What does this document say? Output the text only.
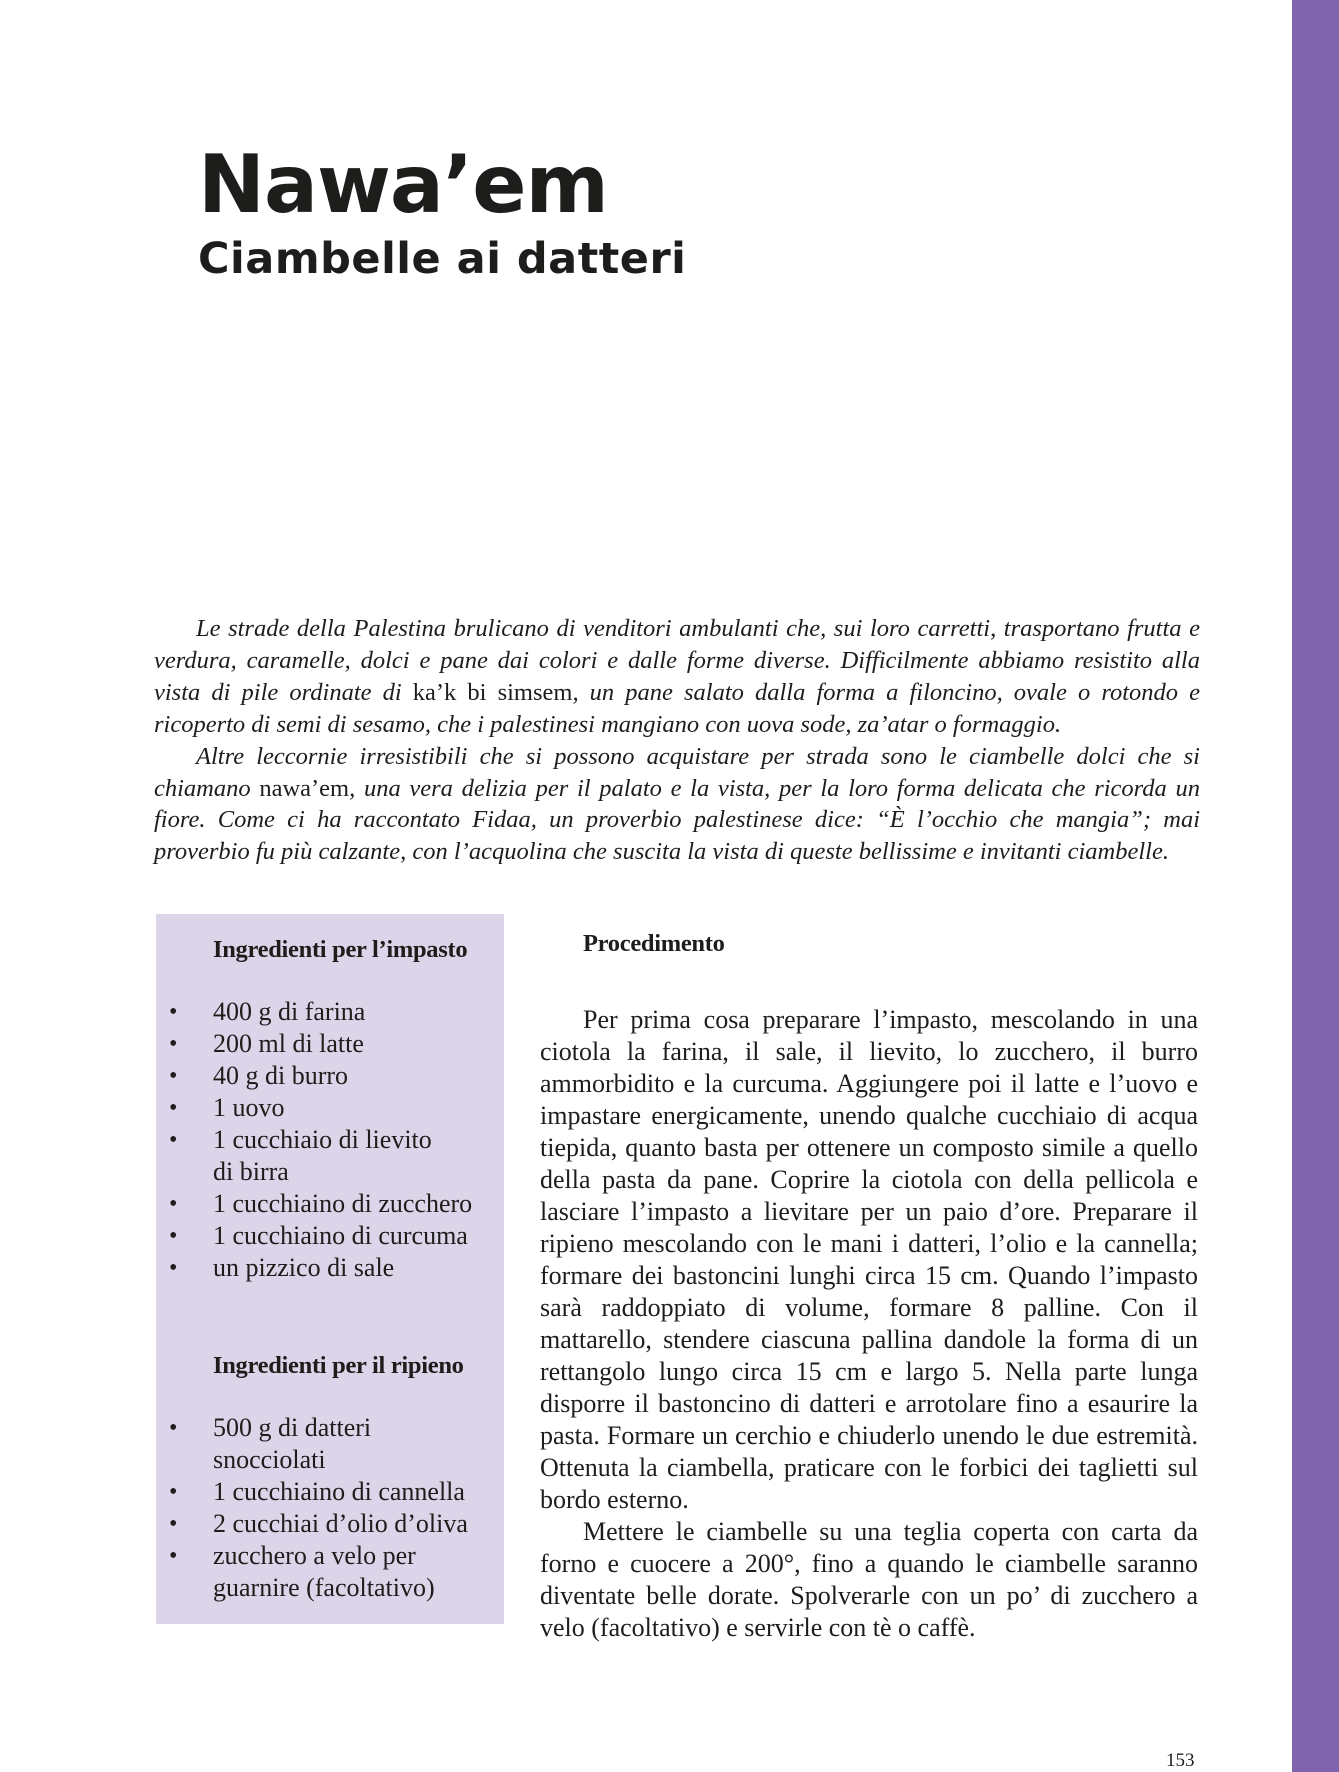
Nawa’em
Ciambelle ai datteri

Le strade della Palestina brulicano di venditori ambulanti che, sui loro carretti, trasportano frutta e verdura, caramelle, dolci e pane dai colori e dalle forme diverse. Difficilmente abbiamo resistito alla vista di pile ordinate di ka’k bi simsem, un pane salato dalla forma a filoncino, ovale o rotondo e ricoperto di semi di sesamo, che i palestinesi mangiano con uova sode, za’atar o formaggio.

Altre leccornie irresistibili che si possono acquistare per strada sono le ciambelle dolci che si chiamano nawa’em, una vera delizia per il palato e la vista, per la loro forma delicata che ricorda un fiore. Come ci ha raccontato Fidaa, un proverbio palestinese dice: “È l’occhio che mangia”; mai proverbio fu più calzante, con l’acquolina che suscita la vista di queste bellissime e invitanti ciambelle.

Ingredienti per l’impasto
• 400 g di farina
• 200 ml di latte
• 40 g di burro
• 1 uovo
• 1 cucchiaio di lievito di birra
• 1 cucchiaino di zucchero
• 1 cucchiaino di curcuma
• un pizzico di sale
Ingredienti per il ripieno
• 500 g di datteri snocciolati
• 1 cucchiaino di cannella
• 2 cucchiai d’olio d’oliva
• zucchero a velo per guarnire (facoltativo)
Procedimento

Per prima cosa preparare l’impasto, mescolando in una ciotola la farina, il sale, il lievito, lo zucchero, il burro ammorbidito e la curcuma. Aggiungere poi il latte e l’uovo e impastare energicamente, unendo qualche cucchiaio di acqua tiepida, quanto basta per ottenere un composto simile a quello della pasta da pane. Coprire la ciotola con della pellicola e lasciare l’impasto a lievitare per un paio d’ore. Preparare il ripieno mescolando con le mani i datteri, l’olio e la cannella; formare dei bastoncini lunghi circa 15 cm. Quando l’impasto sarà raddoppiato di volume, formare 8 palline. Con il mattarello, stendere ciascuna pallina dandole la forma di un rettangolo lungo circa 15 cm e largo 5. Nella parte lunga disporre il bastoncino di datteri e arrotolare fino a esaurire la pasta. Formare un cerchio e chiuderlo unendo le due estremità. Ottenuta la ciambella, praticare con le forbici dei taglietti sul bordo esterno.

Mettere le ciambelle su una teglia coperta con carta da forno e cuocere a 200°, fino a quando le ciambelle saranno diventate belle dorate. Spolverarle con un po’ di zucchero a velo (facoltativo) e servirle con tè o caffè.

153
